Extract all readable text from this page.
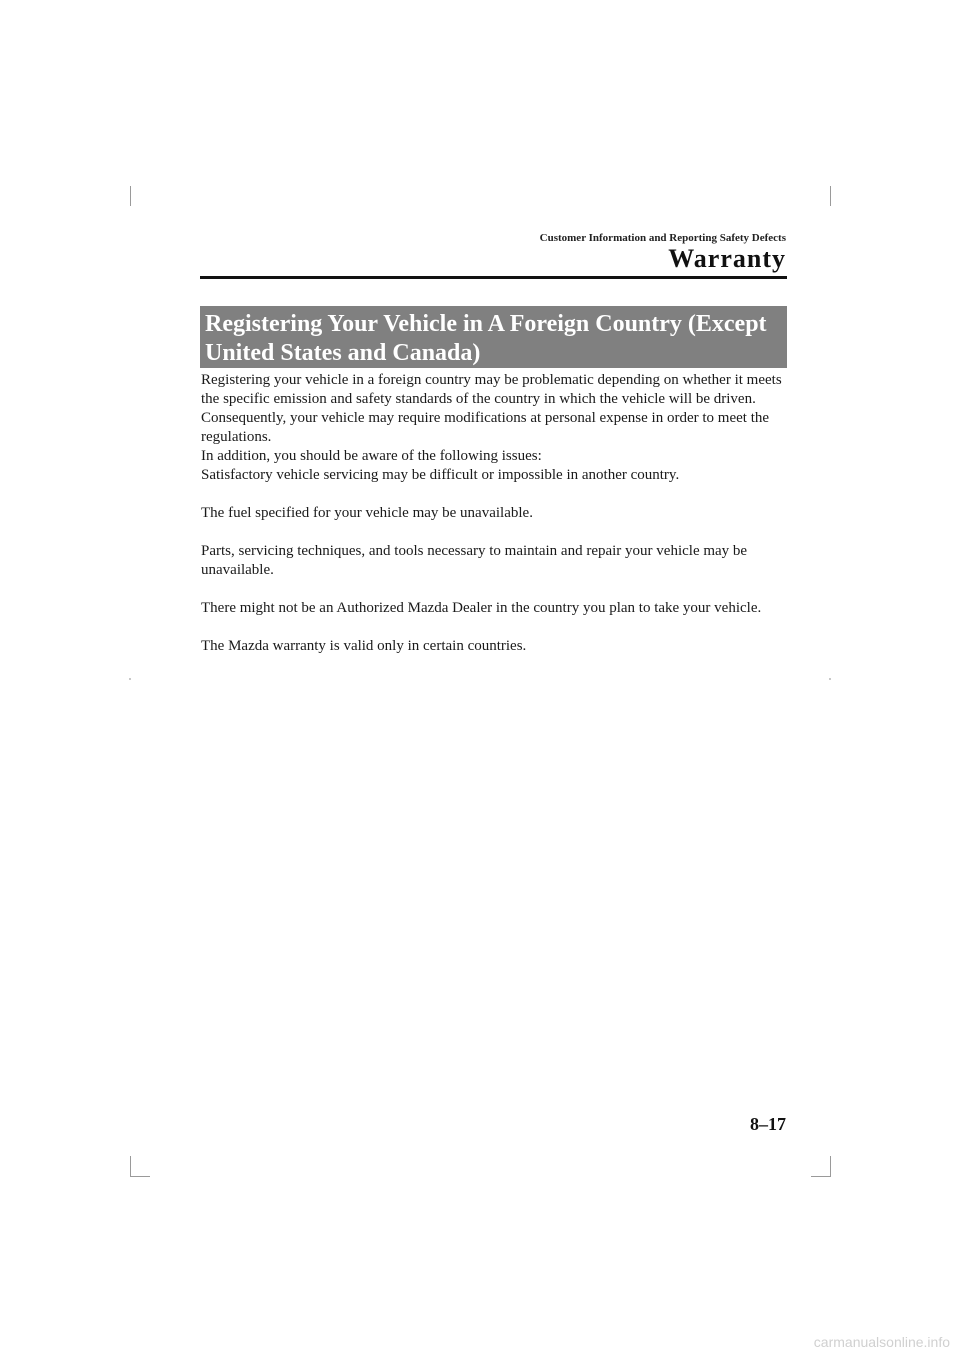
Customer Information and Reporting Safety Defects
Warranty
Registering Your Vehicle in A Foreign Country (Except United States and Canada)

Registering your vehicle in a foreign country may be problematic depending on whether it meets the specific emission and safety standards of the country in which the vehicle will be driven. Consequently, your vehicle may require modifications at personal expense in order to meet the regulations.

In addition, you should be aware of the following issues:

Satisfactory vehicle servicing may be difficult or impossible in another country.

The fuel specified for your vehicle may be unavailable.

Parts, servicing techniques, and tools necessary to maintain and repair your vehicle may be unavailable.

There might not be an Authorized Mazda Dealer in the country you plan to take your vehicle.

The Mazda warranty is valid only in certain countries.

8–17
carmanualsonline.info
